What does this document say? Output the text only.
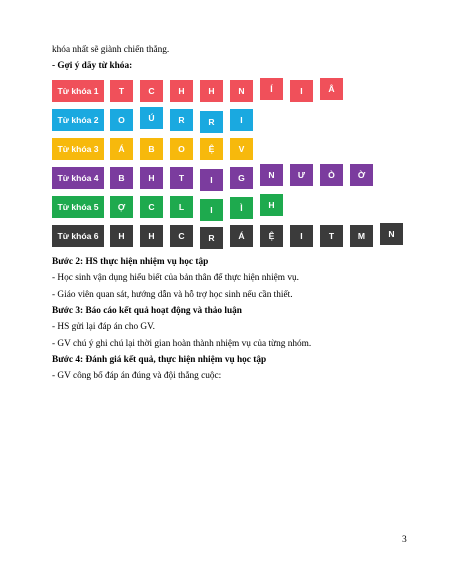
khóa nhất sẽ giành chiến thắng.
- Gợi ý dãy từ khóa:
Từ khóa 1	T	C	H	H	N	Í	I	Â
Từ khóa 2	O	Ú	R	R	I
Từ khóa 3	Á	B	O	Ệ	V
Từ khóa 4	B	H	T	I	G	N	Ư	Ò	Ờ
Từ khóa 5	Ợ	C	L	I	Ì	H
Từ khóa 6	H	H	C	R	Á	Ệ	I	T	M	N
Bước 2: HS thực hiện nhiệm vụ học tập
- Học sinh vận dụng hiểu biết của bản thân để thực hiện nhiệm vụ.
- Giáo viên quan sát, hướng dẫn và hỗ trợ học sinh nếu cần thiết.
Bước 3: Báo cáo kết quả hoạt động và thảo luận
- HS gửi lại đáp án cho GV.
- GV chú ý ghi chú lại thời gian hoàn thành nhiệm vụ của từng nhóm.
Bước 4: Đánh giá kết quả, thực hiện nhiệm vụ học tập
- GV công bố đáp án đúng và đội thắng cuộc:
3
